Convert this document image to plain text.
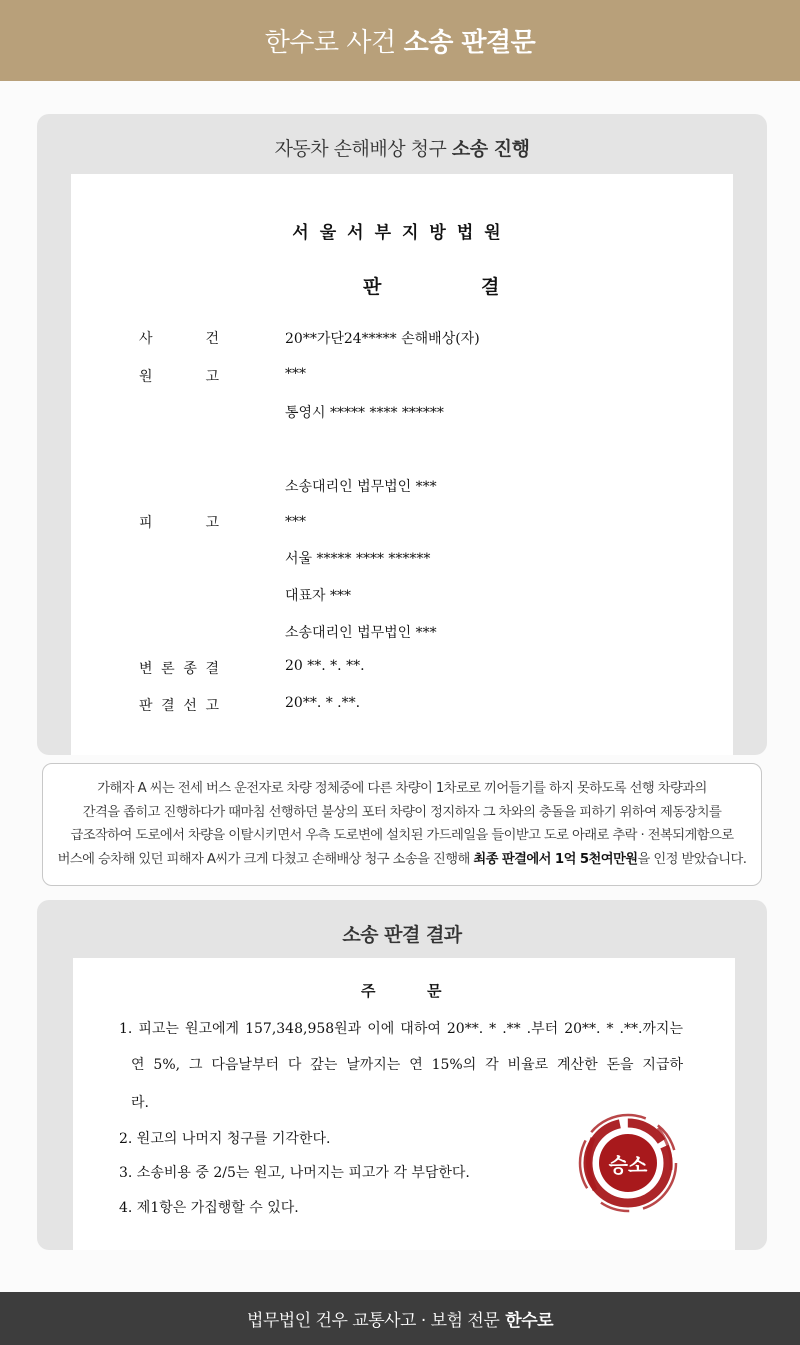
한수로 사건 소송 판결문
자동차 손해배상 청구 소송 진행
서울서부지방법원
판	결
사	건	20**가단24***** 손해배상(자)
원	고	***
통영시 ***** **** ******
소송대리인 법무법인 ***
피	고	***
서울 ***** **** ******
대표자 ***
소송대리인 법무법인 ***
변 론 종 결	20 **. *. **.
판 결 선 고	20**. * .**.
가해자 A 씨는 전세 버스 운전자로 차량 정체중에 다른 차량이 1차로로 끼어들기를 하지 못하도록 선행 차량과의
간격을 좁히고 진행하다가 때마침 선행하던 불상의 포터 차량이 정지하자 그 차와의 충돌을 피하기 위하여 제동장치를
급조작하여 도로에서 차량을 이탈시키면서 우측 도로변에 설치된 가드레일을 들이받고 도로 아래로 추락 · 전복되게함으로
버스에 승차해 있던 피해자 A씨가 크게 다쳤고 손해배상 청구 소송을 진행해 최종 판결에서 1억 5천여만원을 인정 받았습니다.
소송 판결 결과
주	문
1. 피고는 원고에게 157,348,958원과 이에 대하여 20**. * .** .부터 20**. * .**.까지는
연 5%, 그 다음날부터 다 갚는 날까지는 연 15%의 각 비율로 계산한 돈을 지급하
라.
2. 원고의 나머지 청구를 기각한다.
3. 소송비용 중 2/5는 원고, 나머지는 피고가 각 부담한다.
4. 제1항은 가집행할 수 있다.
승소
법무법인 건우 교통사고 · 보험 전문 한수로
